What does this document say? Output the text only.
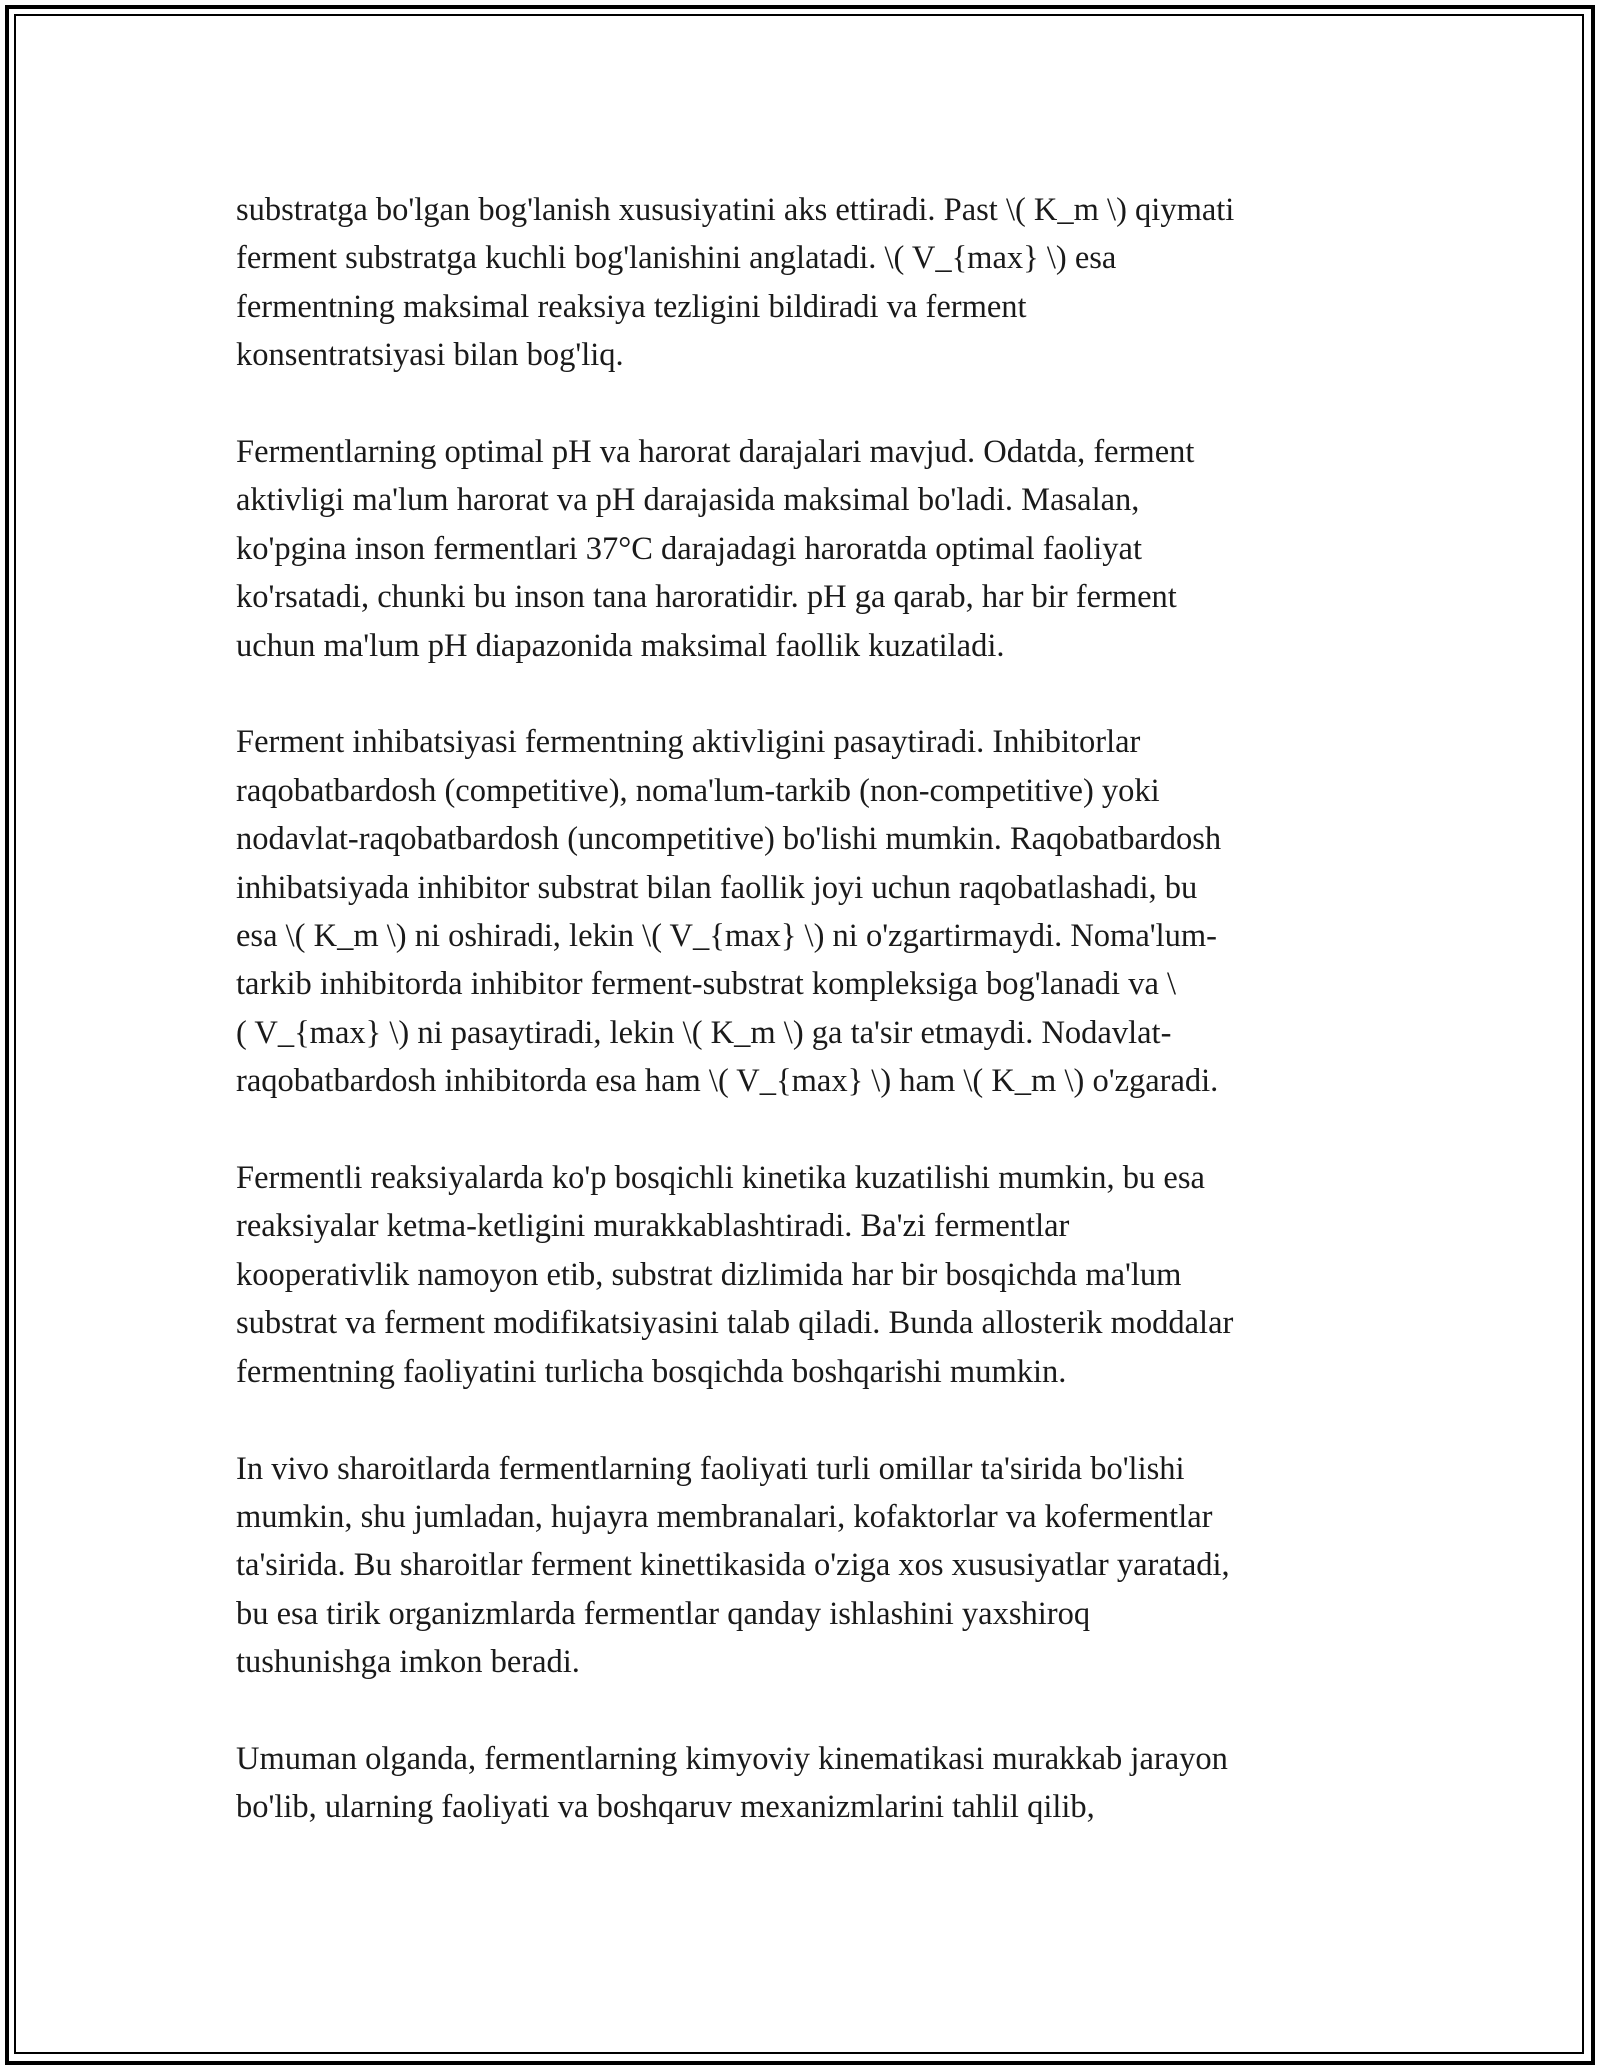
substratga bo'lgan bog'lanish xususiyatini aks ettiradi. Past \( K_m \) qiymati
ferment substratga kuchli bog'lanishini anglatadi. \( V_{max} \) esa
fermentning maksimal reaksiya tezligini bildiradi va ferment
konsentratsiyasi bilan bog'liq.

Fermentlarning optimal pH va harorat darajalari mavjud. Odatda, ferment
aktivligi ma'lum harorat va pH darajasida maksimal bo'ladi. Masalan,
ko'pgina inson fermentlari 37°C darajadagi haroratda optimal faoliyat
ko'rsatadi, chunki bu inson tana haroratidir. pH ga qarab, har bir ferment
uchun ma'lum pH diapazonida maksimal faollik kuzatiladi.

Ferment inhibatsiyasi fermentning aktivligini pasaytiradi. Inhibitorlar
raqobatbardosh (competitive), noma'lum-tarkib (non-competitive) yoki
nodavlat-raqobatbardosh (uncompetitive) bo'lishi mumkin. Raqobatbardosh
inhibatsiyada inhibitor substrat bilan faollik joyi uchun raqobatlashadi, bu
esa \( K_m \) ni oshiradi, lekin \( V_{max} \) ni o'zgartirmaydi. Noma'lum-
tarkib inhibitorda inhibitor ferment-substrat kompleksiga bog'lanadi va \
( V_{max} \) ni pasaytiradi, lekin \( K_m \) ga ta'sir etmaydi. Nodavlat-
raqobatbardosh inhibitorda esa ham \( V_{max} \) ham \( K_m \) o'zgaradi.

Fermentli reaksiyalarda ko'p bosqichli kinetika kuzatilishi mumkin, bu esa
reaksiyalar ketma-ketligini murakkablashtiradi. Ba'zi fermentlar
kooperativlik namoyon etib, substrat dizlimida har bir bosqichda ma'lum
substrat va ferment modifikatsiyasini talab qiladi. Bunda allosterik moddalar
fermentning faoliyatini turlicha bosqichda boshqarishi mumkin.

In vivo sharoitlarda fermentlarning faoliyati turli omillar ta'sirida bo'lishi
mumkin, shu jumladan, hujayra membranalari, kofaktorlar va kofermentlar
ta'sirida. Bu sharoitlar ferment kinettikasida o'ziga xos xususiyatlar yaratadi,
bu esa tirik organizmlarda fermentlar qanday ishlashini yaxshiroq
tushunishga imkon beradi.

Umuman olganda, fermentlarning kimyoviy kinematikasi murakkab jarayon
bo'lib, ularning faoliyati va boshqaruv mexanizmlarini tahlil qilib,
